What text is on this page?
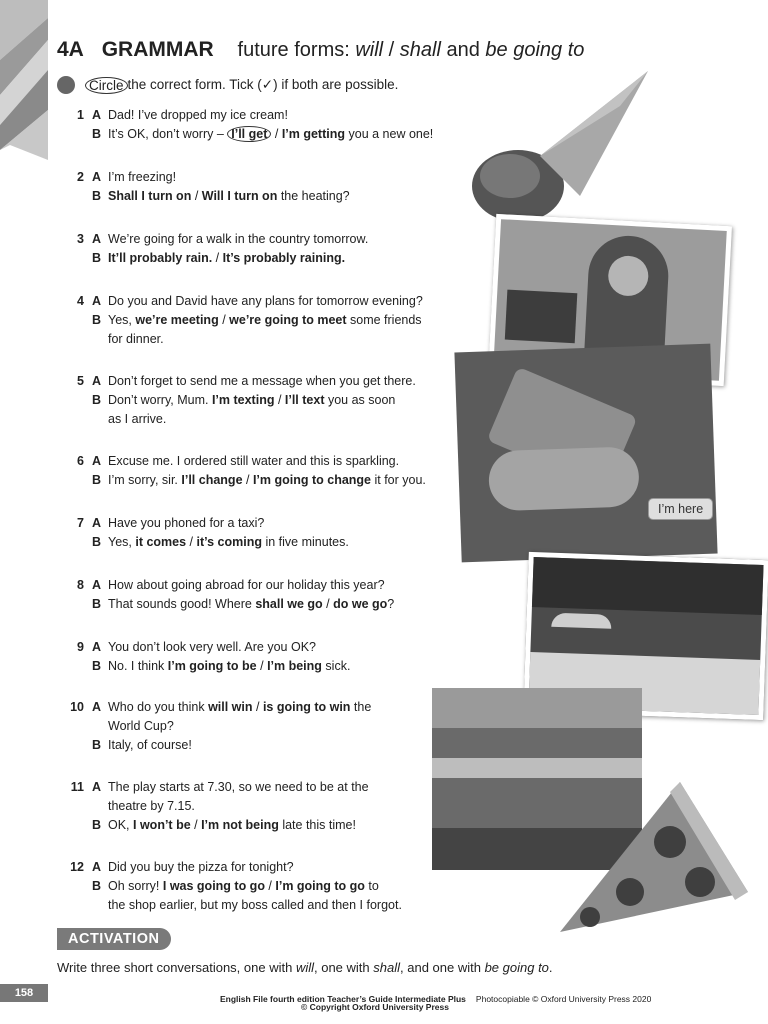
4A GRAMMAR future forms: will / shall and be going to
Circle the correct form. Tick (✓) if both are possible.
1 A Dad! I’ve dropped my ice cream!
B It’s OK, don’t worry – I’ll get / I’m getting you a new one!
2 A I’m freezing!
B Shall I turn on / Will I turn on the heating?
3 A We’re going for a walk in the country tomorrow.
B It’ll probably rain. / It’s probably raining.
4 A Do you and David have any plans for tomorrow evening?
B Yes, we’re meeting / we’re going to meet some friends
for dinner.
5 A Don’t forget to send me a message when you get there.
B Don’t worry, Mum. I’m texting / I’ll text you as soon
as I arrive.
6 A Excuse me. I ordered still water and this is sparkling.
B I’m sorry, sir. I’ll change / I’m going to change it for you.
7 A Have you phoned for a taxi?
B Yes, it comes / it’s coming in five minutes.
8 A How about going abroad for our holiday this year?
B That sounds good! Where shall we go / do we go?
9 A You don’t look very well. Are you OK?
B No. I think I’m going to be / I’m being sick.
10 A Who do you think will win / is going to win the
World Cup?
B Italy, of course!
11 A The play starts at 7.30, so we need to be at the
theatre by 7.15.
B OK, I won’t be / I’m not being late this time!
12 A Did you buy the pizza for tonight?
B Oh sorry! I was going to go / I’m going to go to
the shop earlier, but my boss called and then I forgot.
I’m here
ACTIVATION
Write three short conversations, one with will, one with shall, and one with be going to.
158	English File fourth edition Teacher’s Guide Intermediate Plus Photocopiable © Oxford University Press 2020
© Copyright Oxford University Press
